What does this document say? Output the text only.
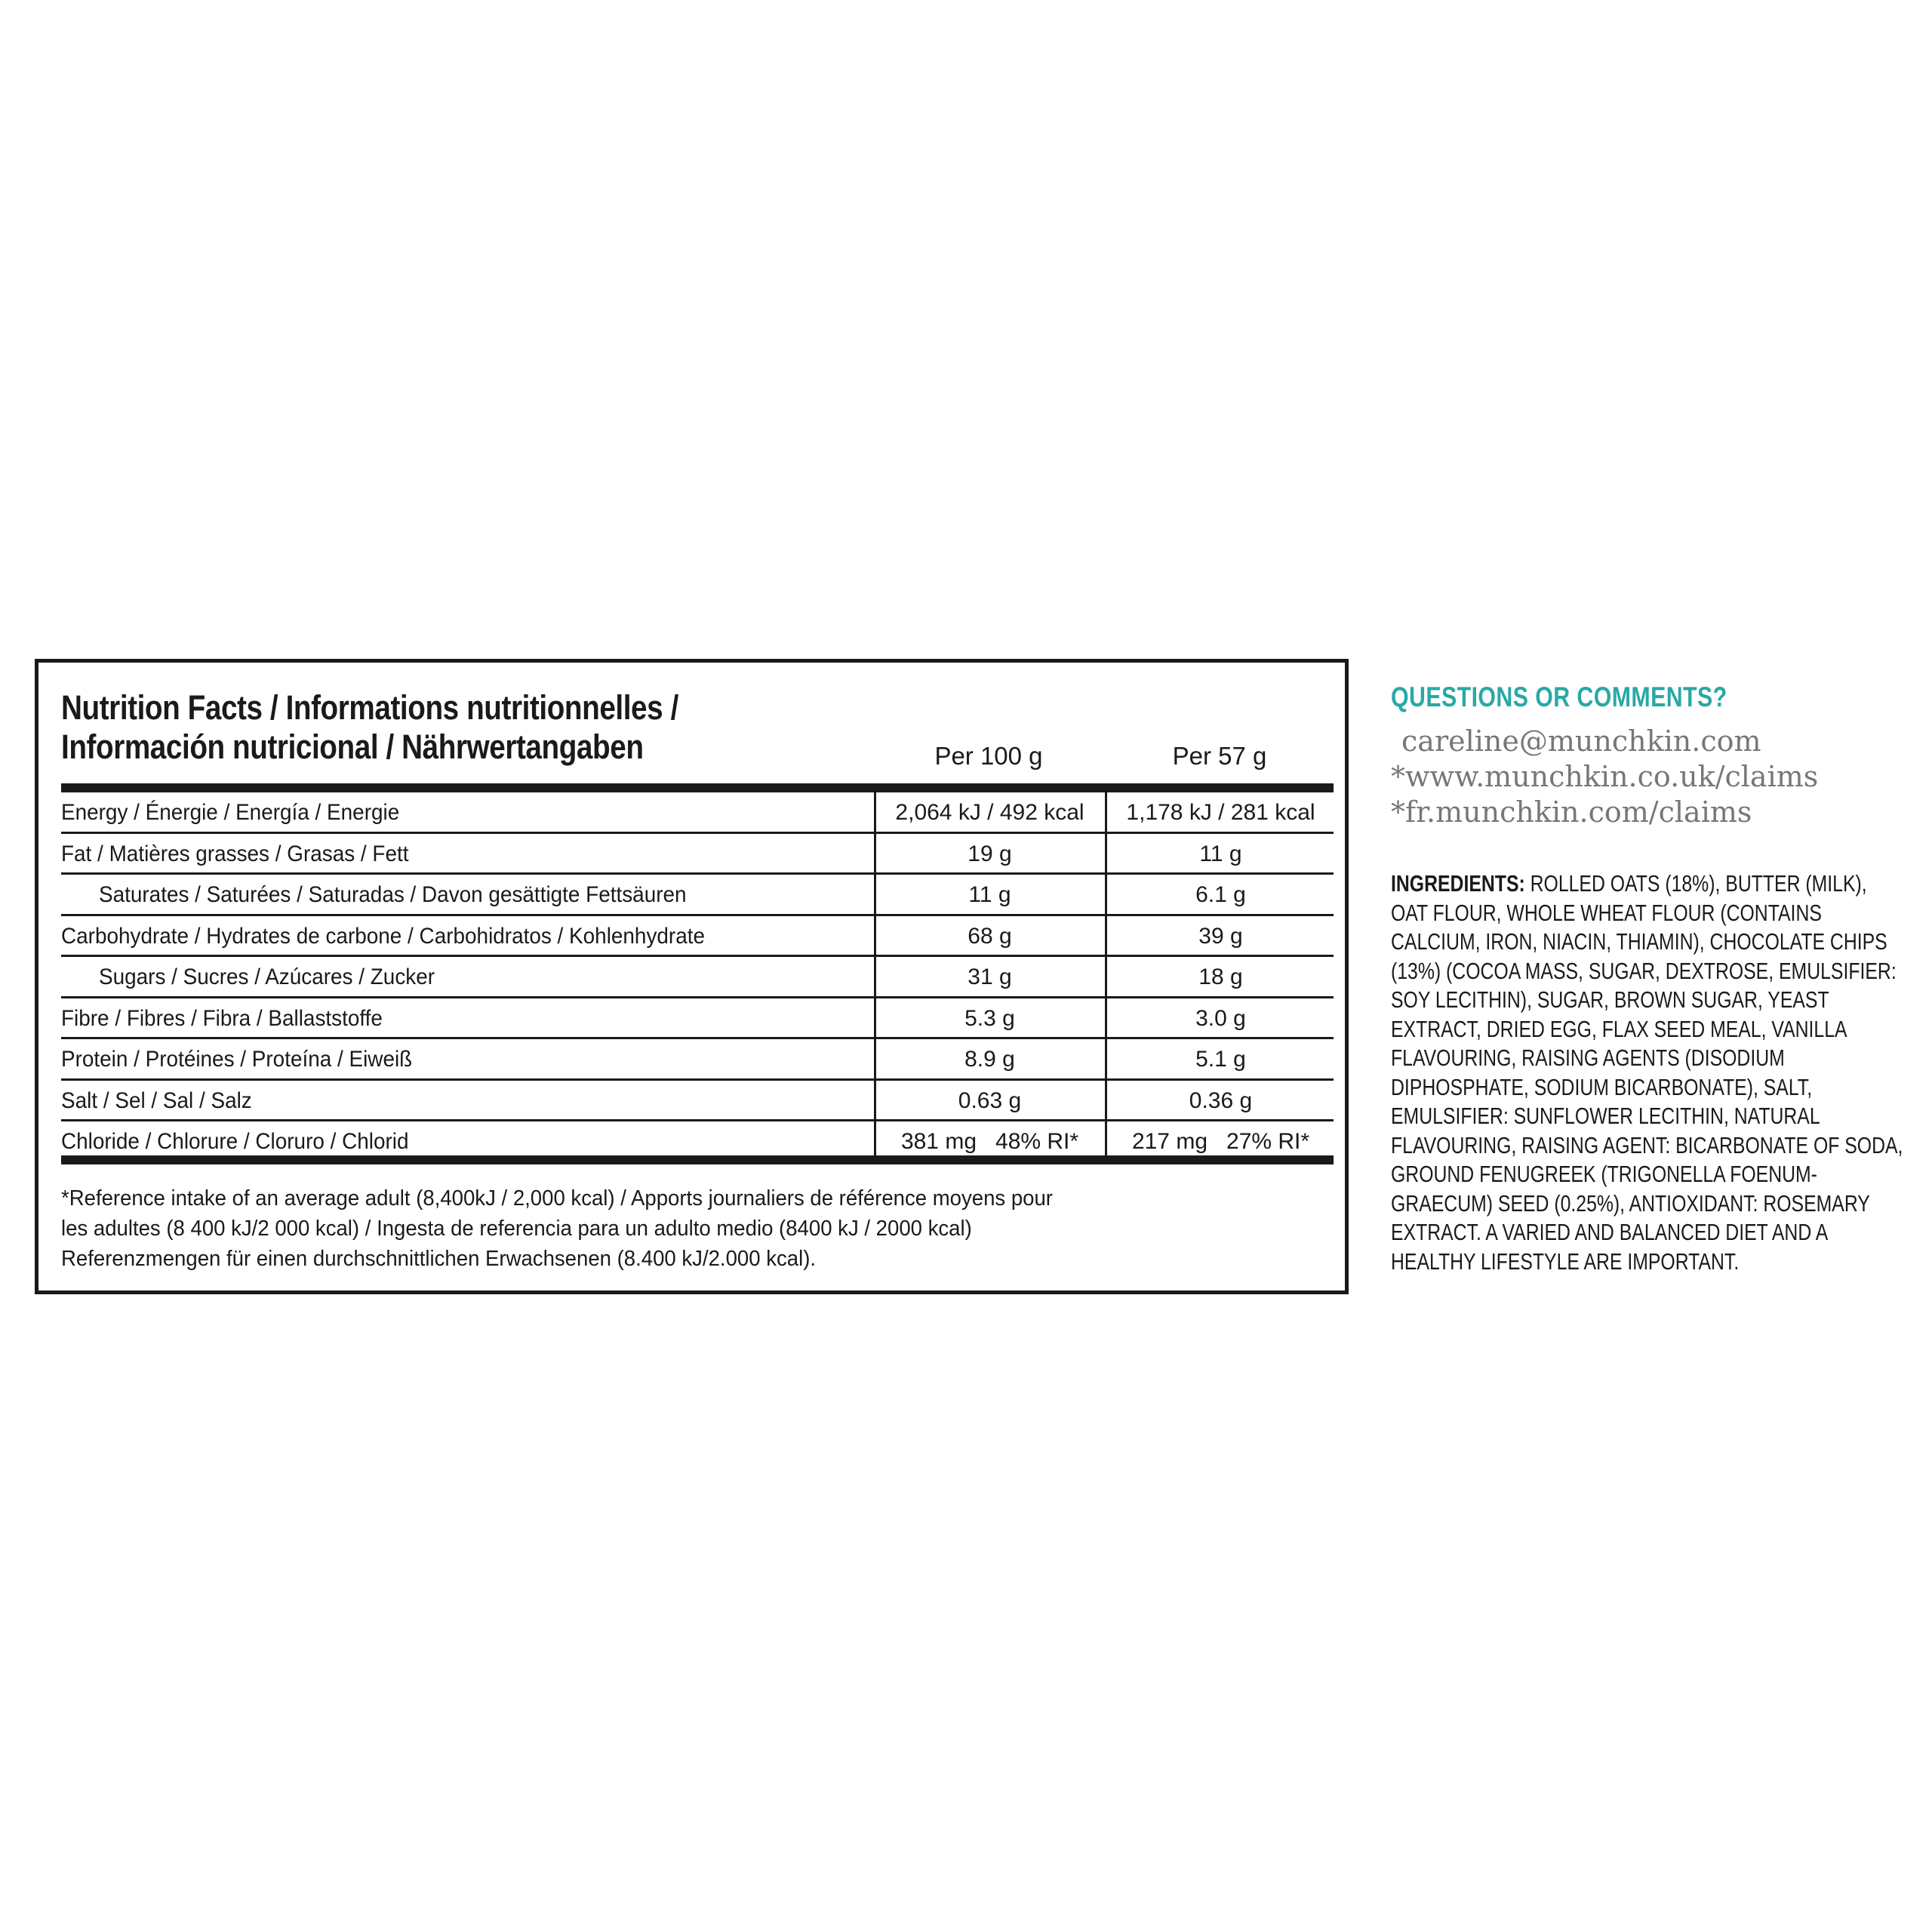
Nutrition Facts / Informations nutritionnelles /
Información nutricional / Nährwertangaben	Per 100 g	Per 57 g
Energy / Énergie / Energía / Energie	2,064 kJ / 492 kcal	1,178 kJ / 281 kcal
Fat / Matières grasses / Grasas / Fett	19 g	11 g
Saturates / Saturées / Saturadas / Davon gesättigte Fettsäuren	11 g	6.1 g
Carbohydrate / Hydrates de carbone / Carbohidratos / Kohlenhydrate	68 g	39 g
Sugars / Sucres / Azúcares / Zucker	31 g	18 g
Fibre / Fibres / Fibra / Ballaststoffe	5.3 g	3.0 g
Protein / Protéines / Proteína / Eiweiß	8.9 g	5.1 g
Salt / Sel / Sal / Salz	0.63 g	0.36 g
Chloride / Chlorure / Cloruro / Chlorid	381 mg   48% RI*	217 mg   27% RI*
*Reference intake of an average adult (8,400kJ / 2,000 kcal) / Apports journaliers de référence moyens pour
les adultes (8 400 kJ/2 000 kcal) / Ingesta de referencia para un adulto medio (8400 kJ / 2000 kcal)
Referenzmengen für einen durchschnittlichen Erwachsenen (8.400 kJ/2.000 kcal).
QUESTIONS OR COMMENTS?
careline@munchkin.com
*www.munchkin.co.uk/claims
*fr.munchkin.com/claims
INGREDIENTS: ROLLED OATS (18%), BUTTER (MILK),
OAT FLOUR, WHOLE WHEAT FLOUR (CONTAINS
CALCIUM, IRON, NIACIN, THIAMIN), CHOCOLATE CHIPS
(13%) (COCOA MASS, SUGAR, DEXTROSE, EMULSIFIER:
SOY LECITHIN), SUGAR, BROWN SUGAR, YEAST
EXTRACT, DRIED EGG, FLAX SEED MEAL, VANILLA
FLAVOURING, RAISING AGENTS (DISODIUM
DIPHOSPHATE, SODIUM BICARBONATE), SALT,
EMULSIFIER: SUNFLOWER LECITHIN, NATURAL
FLAVOURING, RAISING AGENT: BICARBONATE OF SODA,
GROUND FENUGREEK (TRIGONELLA FOENUM-
GRAECUM) SEED (0.25%), ANTIOXIDANT: ROSEMARY
EXTRACT. A VARIED AND BALANCED DIET AND A
HEALTHY LIFESTYLE ARE IMPORTANT.
